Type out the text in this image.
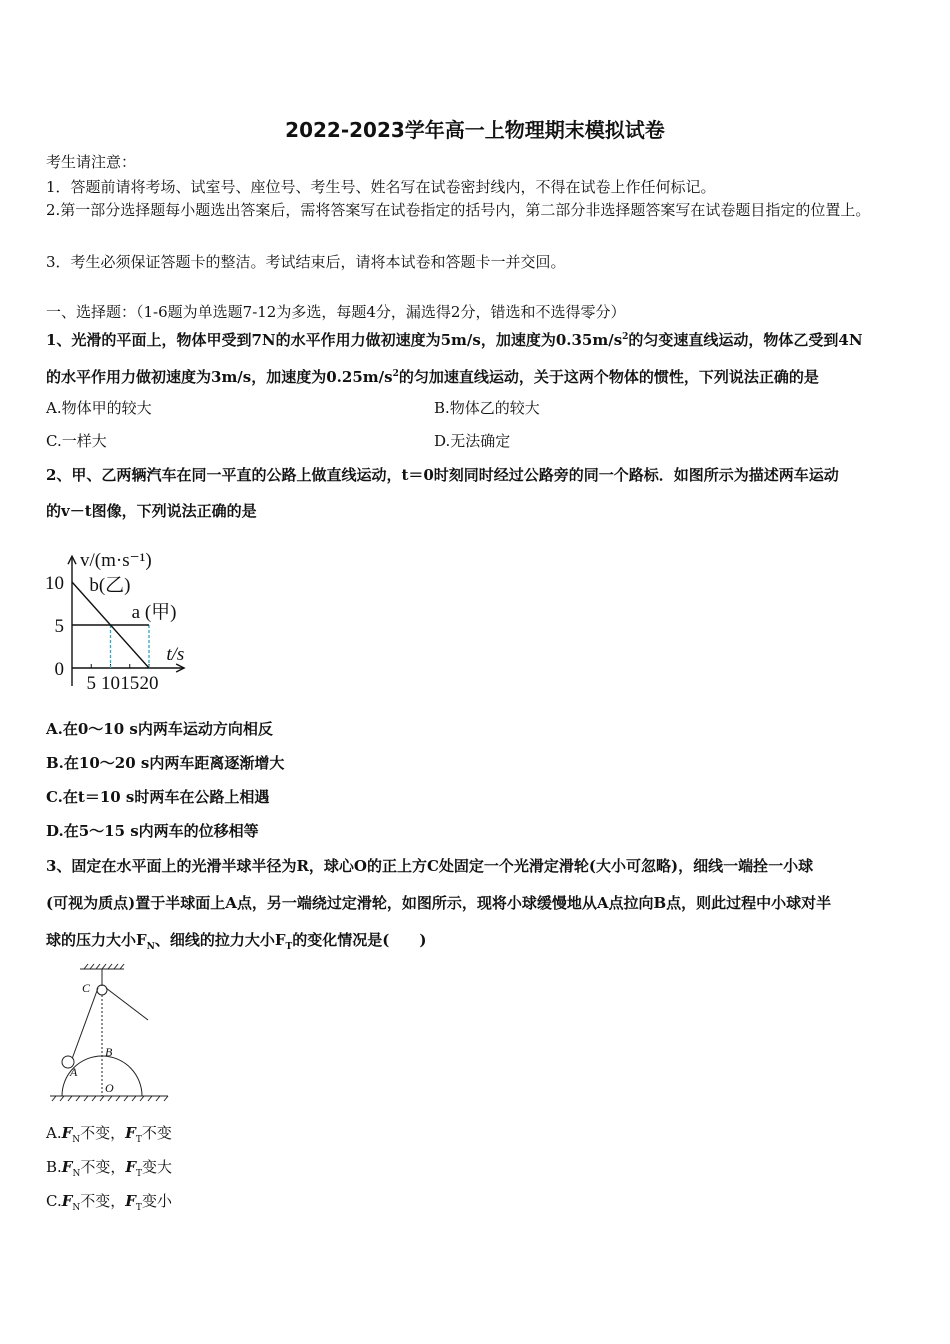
2022-2023学年高一上物理期末模拟试卷
考生请注意：
1．答题前请将考场、试室号、座位号、考生号、姓名写在试卷密封线内，不得在试卷上作任何标记。
2.第一部分选择题每小题选出答案后，需将答案写在试卷指定的括号内，第二部分非选择题答案写在试卷题目指定的位置上。
3．考生必须保证答题卡的整洁。考试结束后，请将本试卷和答题卡一并交回。
一、选择题：（1-6题为单选题7-12为多选，每题4分，漏选得2分，错选和不选得零分）
1、光滑的平面上，物体甲受到7N的水平作用力做初速度为5m/s，加速度为$0.35m/s^2$的匀变速直线运动，物体乙受到4N
的水平作用力做初速度为3m/s，加速度为$0.25m/s^2$的匀加速直线运动，关于这两个物体的惯性，下列说法正确的是
A.物体甲的较大	B.物体乙的较大
C.一样大	D.无法确定
2、甲、乙两辆汽车在同一平直的公路上做直线运动，t＝0时刻同时经过公路旁的同一个路标．如图所示为描述两车运动
的v－t图像，下列说法正确的是
5 10 15 20
0
5
10
a (甲)
b(乙)
v/(m·s⁻¹)
t/s
A.在0～10 s内两车运动方向相反
B.在10～20 s内两车距离逐渐增大
C.在t＝10 s时两车在公路上相遇
D.在5～15 s内两车的位移相等
3、固定在水平面上的光滑半球半径为R，球心O的正上方C处固定一个光滑定滑轮(大小可忽略)，细线一端拴一小球
(可视为质点)置于半球面上A点，另一端绕过定滑轮，如图所示，现将小球缓慢地从A点拉向B点，则此过程中小球对半
球的压力大小$F_N$、细线的拉力大小$F_T$的变化情况是(　　)
C
B
A
O
$A.F_N$不变，$F_T$不变
$B.F_N$不变，$F_T$变大
$C.F_N$不变，$F_T$变小
